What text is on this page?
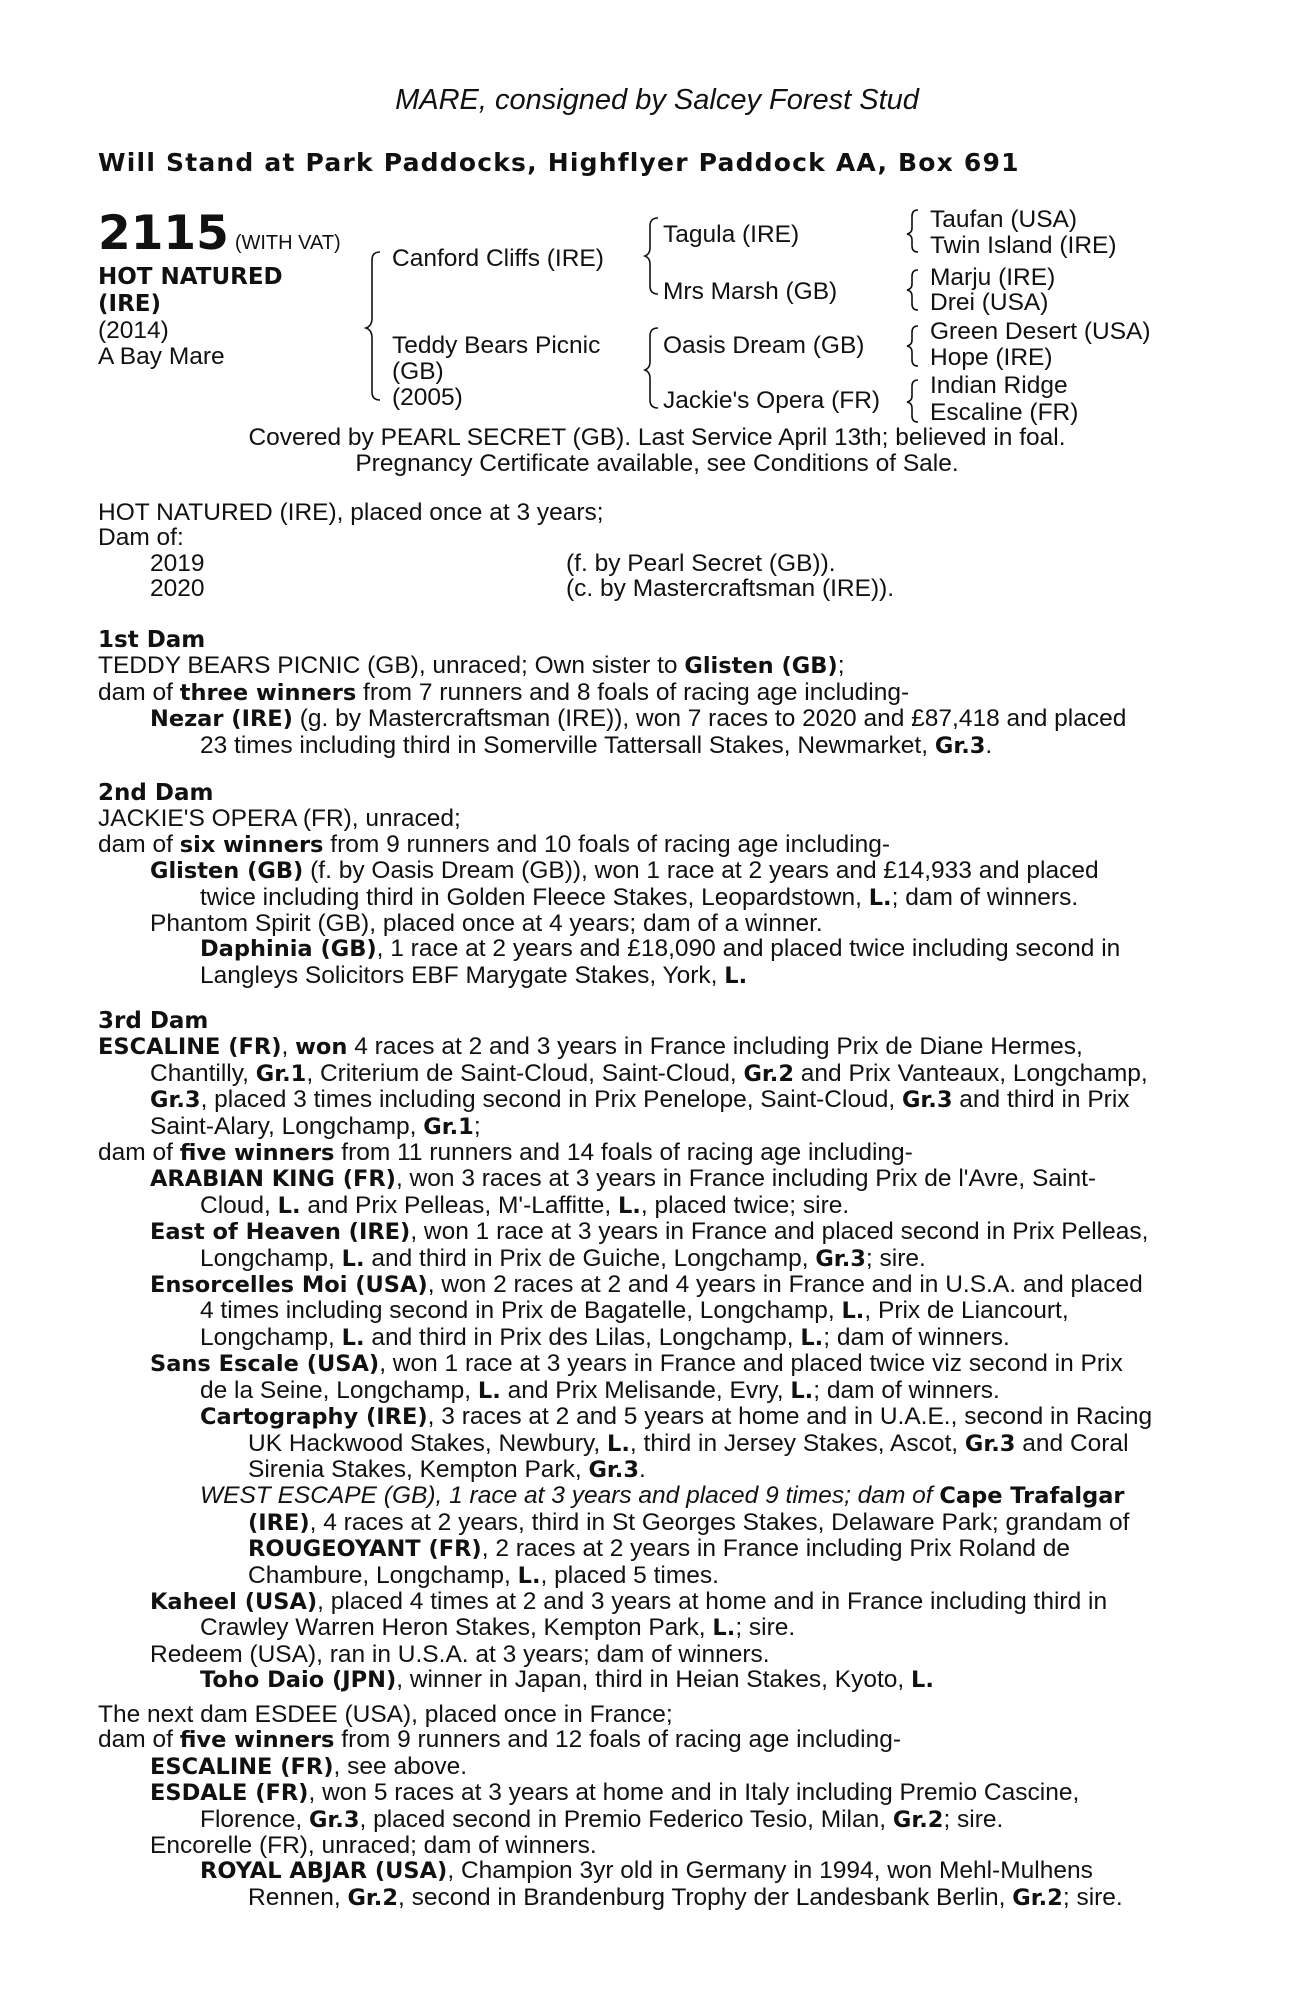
MARE, consigned by Salcey Forest Stud
Will Stand at Park Paddocks, Highflyer Paddock AA, Box 691
2115 (WITH VAT)
HOT NATURED
(IRE)
(2014)
A Bay Mare
Canford Cliffs (IRE)
Teddy Bears Picnic
(GB)
(2005)
Tagula (IRE)
Mrs Marsh (GB)
Oasis Dream (GB)
Jackie's Opera (FR)
Taufan (USA)
Twin Island (IRE)
Marju (IRE)
Drei (USA)
Green Desert (USA)
Hope (IRE)
Indian Ridge
Escaline (FR)
Covered by PEARL SECRET (GB). Last Service April 13th; believed in foal.
Pregnancy Certificate available, see Conditions of Sale.
HOT NATURED (IRE), placed once at 3 years;
Dam of:
2019	(f. by Pearl Secret (GB)).
2020	(c. by Mastercraftsman (IRE)).
1st Dam
TEDDY BEARS PICNIC (GB), unraced; Own sister to Glisten (GB);
dam of three winners from 7 runners and 8 foals of racing age including-
Nezar (IRE) (g. by Mastercraftsman (IRE)), won 7 races to 2020 and £87,418 and placed
23 times including third in Somerville Tattersall Stakes, Newmarket, Gr.3.
2nd Dam
JACKIE'S OPERA (FR), unraced;
dam of six winners from 9 runners and 10 foals of racing age including-
Glisten (GB) (f. by Oasis Dream (GB)), won 1 race at 2 years and £14,933 and placed
twice including third in Golden Fleece Stakes, Leopardstown, L.; dam of winners.
Phantom Spirit (GB), placed once at 4 years; dam of a winner.
Daphinia (GB), 1 race at 2 years and £18,090 and placed twice including second in
Langleys Solicitors EBF Marygate Stakes, York, L.
3rd Dam
ESCALINE (FR), won 4 races at 2 and 3 years in France including Prix de Diane Hermes,
Chantilly, Gr.1, Criterium de Saint-Cloud, Saint-Cloud, Gr.2 and Prix Vanteaux, Longchamp,
Gr.3, placed 3 times including second in Prix Penelope, Saint-Cloud, Gr.3 and third in Prix
Saint-Alary, Longchamp, Gr.1;
dam of five winners from 11 runners and 14 foals of racing age including-
ARABIAN KING (FR), won 3 races at 3 years in France including Prix de l'Avre, Saint-
Cloud, L. and Prix Pelleas, M'-Laffitte, L., placed twice; sire.
East of Heaven (IRE), won 1 race at 3 years in France and placed second in Prix Pelleas,
Longchamp, L. and third in Prix de Guiche, Longchamp, Gr.3; sire.
Ensorcelles Moi (USA), won 2 races at 2 and 4 years in France and in U.S.A. and placed
4 times including second in Prix de Bagatelle, Longchamp, L., Prix de Liancourt,
Longchamp, L. and third in Prix des Lilas, Longchamp, L.; dam of winners.
Sans Escale (USA), won 1 race at 3 years in France and placed twice viz second in Prix
de la Seine, Longchamp, L. and Prix Melisande, Evry, L.; dam of winners.
Cartography (IRE), 3 races at 2 and 5 years at home and in U.A.E., second in Racing
UK Hackwood Stakes, Newbury, L., third in Jersey Stakes, Ascot, Gr.3 and Coral
Sirenia Stakes, Kempton Park, Gr.3.
WEST ESCAPE (GB), 1 race at 3 years and placed 9 times; dam of Cape Trafalgar
(IRE), 4 races at 2 years, third in St Georges Stakes, Delaware Park; grandam of
ROUGEOYANT (FR), 2 races at 2 years in France including Prix Roland de
Chambure, Longchamp, L., placed 5 times.
Kaheel (USA), placed 4 times at 2 and 3 years at home and in France including third in
Crawley Warren Heron Stakes, Kempton Park, L.; sire.
Redeem (USA), ran in U.S.A. at 3 years; dam of winners.
Toho Daio (JPN), winner in Japan, third in Heian Stakes, Kyoto, L.
The next dam ESDEE (USA), placed once in France;
dam of five winners from 9 runners and 12 foals of racing age including-
ESCALINE (FR), see above.
ESDALE (FR), won 5 races at 3 years at home and in Italy including Premio Cascine,
Florence, Gr.3, placed second in Premio Federico Tesio, Milan, Gr.2; sire.
Encorelle (FR), unraced; dam of winners.
ROYAL ABJAR (USA), Champion 3yr old in Germany in 1994, won Mehl-Mulhens
Rennen, Gr.2, second in Brandenburg Trophy der Landesbank Berlin, Gr.2; sire.
